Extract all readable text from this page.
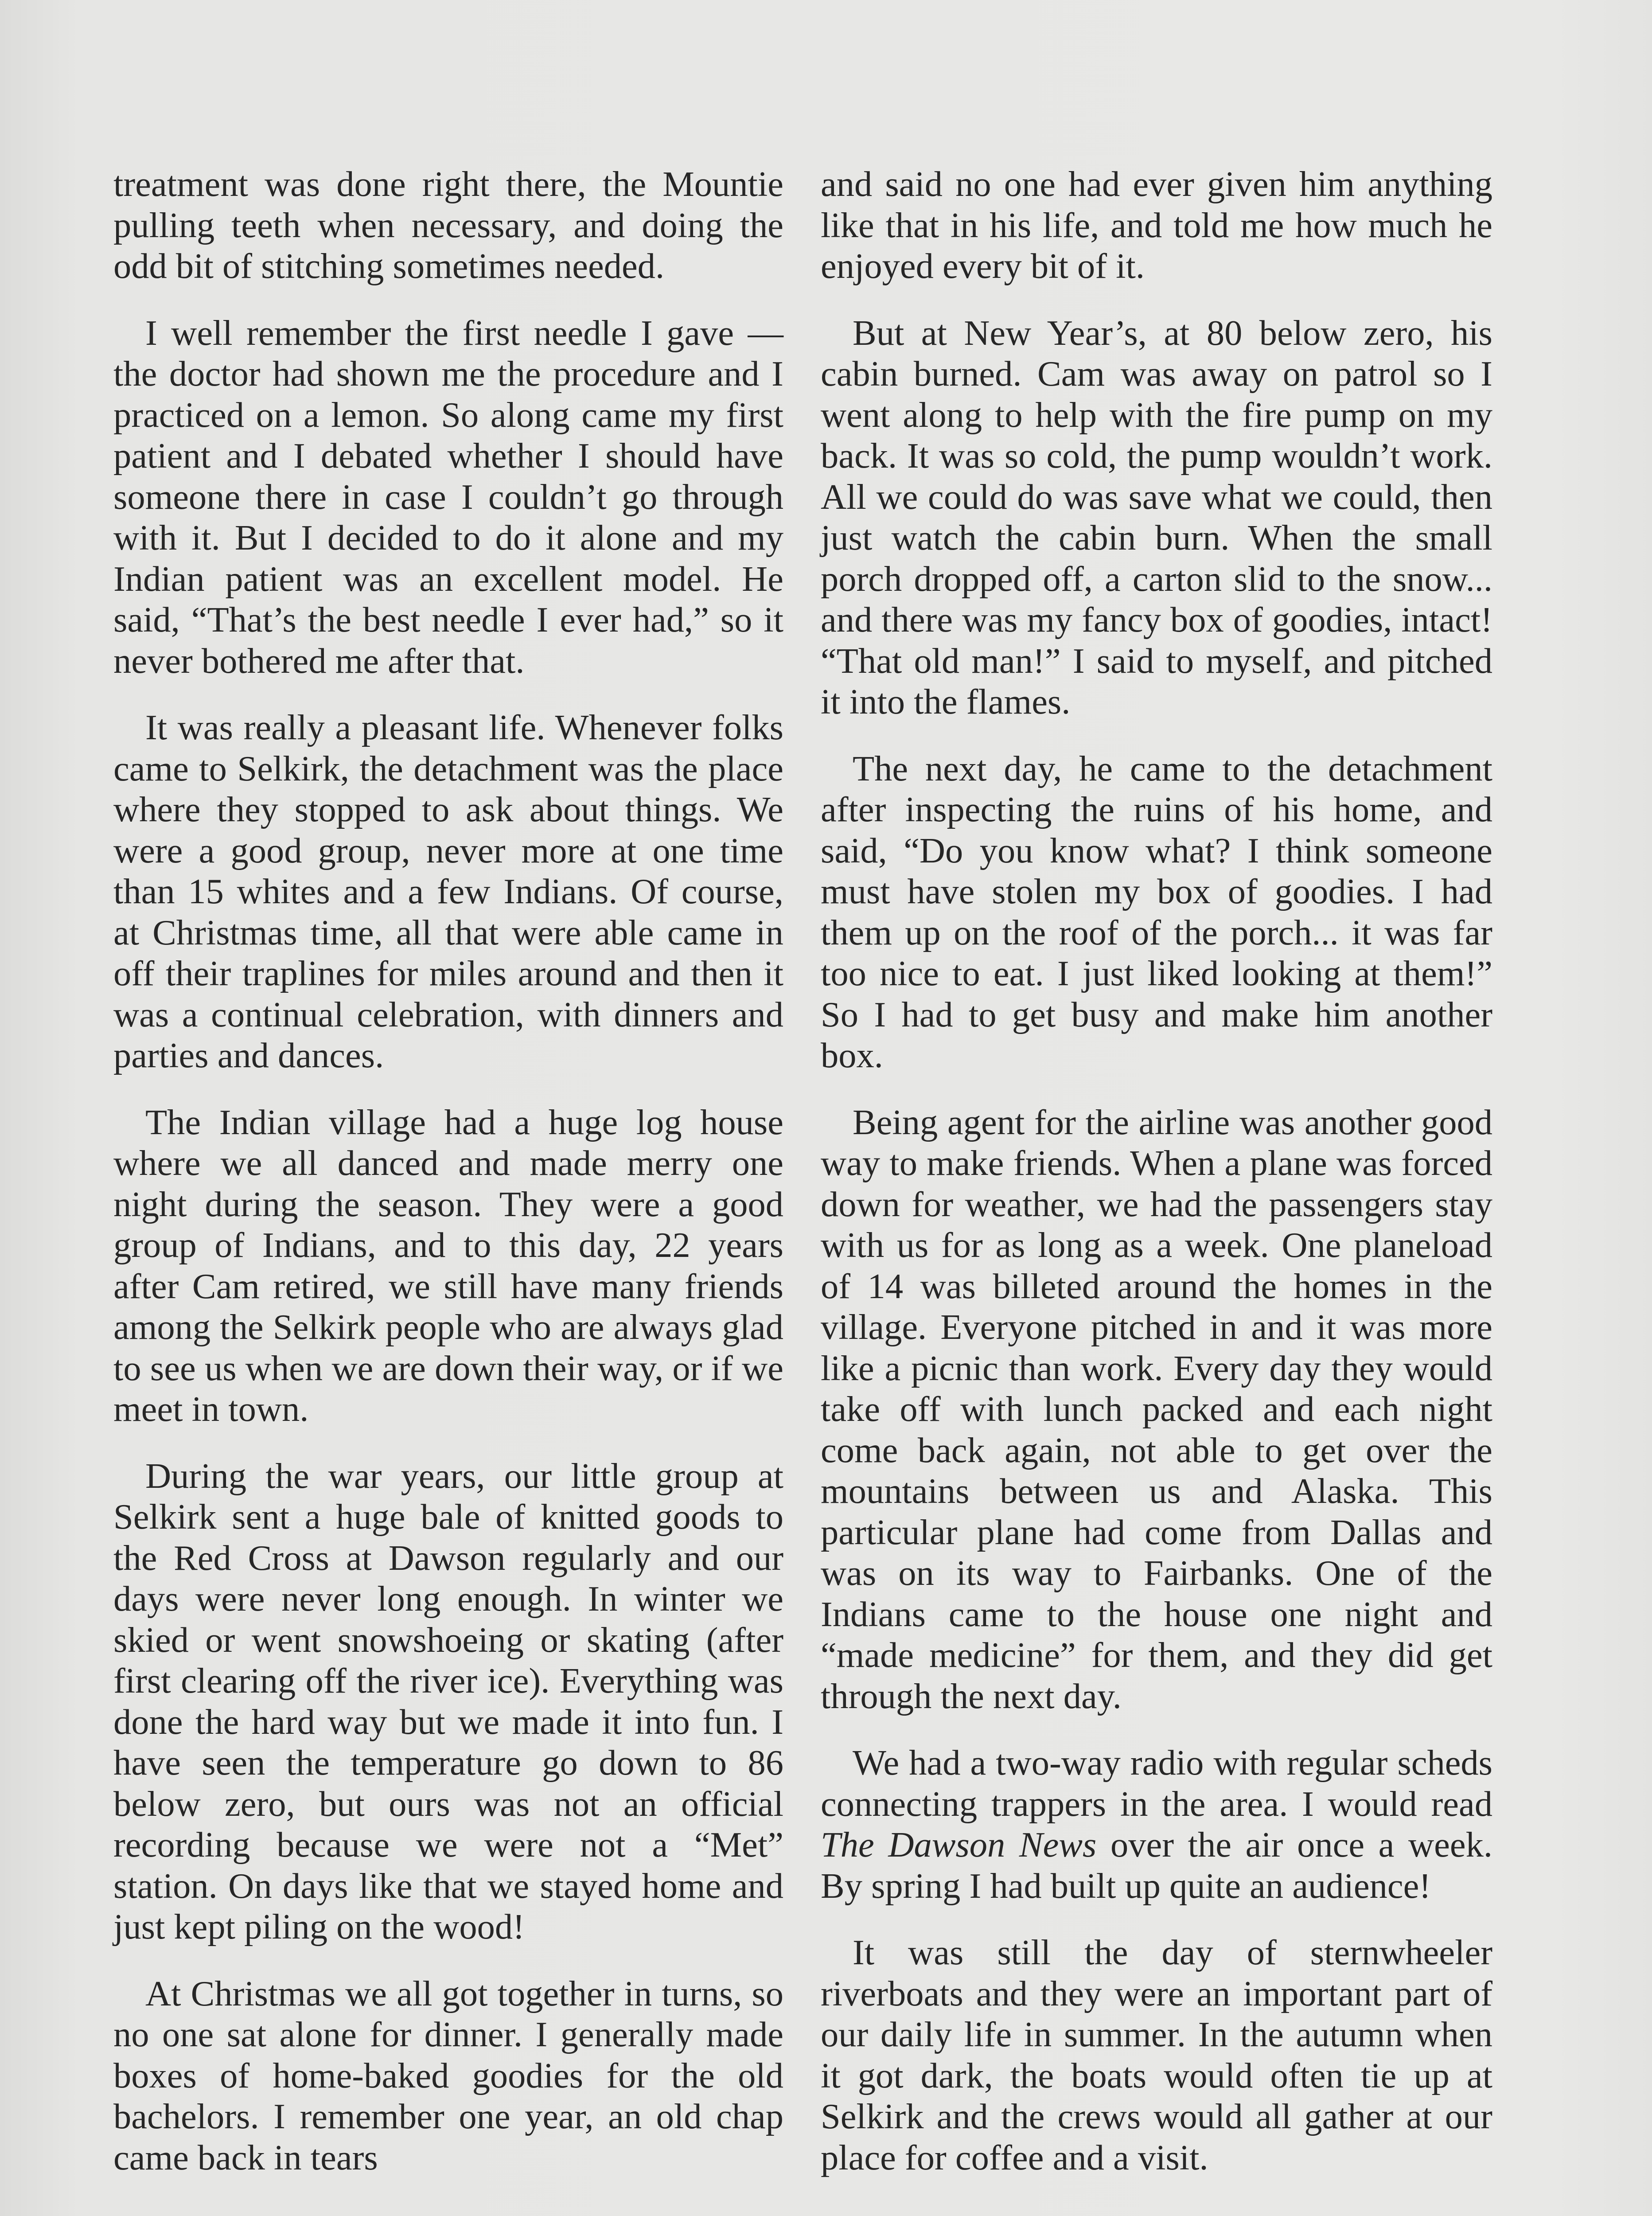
treatment was done right there, the Mountie pulling teeth when necessary, and doing the odd bit of stitching sometimes needed.

I well remember the first needle I gave — the doctor had shown me the procedure and I practiced on a lemon. So along came my first patient and I debated whether I should have someone there in case I couldn’t go through with it. But I decided to do it alone and my Indian patient was an excellent model. He said, “That’s the best needle I ever had,” so it never bothered me after that.

It was really a pleasant life. Whenever folks came to Selkirk, the detachment was the place where they stopped to ask about things. We were a good group, never more at one time than 15 whites and a few Indians. Of course, at Christmas time, all that were able came in off their traplines for miles around and then it was a continual celebration, with dinners and parties and dances.

The Indian village had a huge log house where we all danced and made merry one night during the season. They were a good group of Indians, and to this day, 22 years after Cam retired, we still have many friends among the Selkirk people who are always glad to see us when we are down their way, or if we meet in town.

During the war years, our little group at Selkirk sent a huge bale of knitted goods to the Red Cross at Dawson regularly and our days were never long enough. In winter we skied or went snowshoeing or skating (after first clearing off the river ice). Everything was done the hard way but we made it into fun. I have seen the temperature go down to 86 below zero, but ours was not an official recording because we were not a “Met” station. On days like that we stayed home and just kept piling on the wood!

At Christmas we all got together in turns, so no one sat alone for dinner. I generally made boxes of home-baked goodies for the old bachelors. I remember one year, an old chap came back in tears

and said no one had ever given him anything like that in his life, and told me how much he enjoyed every bit of it.

But at New Year’s, at 80 below zero, his cabin burned. Cam was away on patrol so I went along to help with the fire pump on my back. It was so cold, the pump wouldn’t work. All we could do was save what we could, then just watch the cabin burn. When the small porch dropped off, a carton slid to the snow... and there was my fancy box of goodies, intact! “That old man!” I said to myself, and pitched it into the flames.

The next day, he came to the detachment after inspecting the ruins of his home, and said, “Do you know what? I think someone must have stolen my box of goodies. I had them up on the roof of the porch... it was far too nice to eat. I just liked looking at them!” So I had to get busy and make him another box.

Being agent for the airline was another good way to make friends. When a plane was forced down for weather, we had the passengers stay with us for as long as a week. One planeload of 14 was billeted around the homes in the village. Everyone pitched in and it was more like a picnic than work. Every day they would take off with lunch packed and each night come back again, not able to get over the mountains between us and Alaska. This particular plane had come from Dallas and was on its way to Fairbanks. One of the Indians came to the house one night and “made medicine” for them, and they did get through the next day.

We had a two-way radio with regular scheds connecting trappers in the area. I would read The Dawson News over the air once a week. By spring I had built up quite an audience!

It was still the day of sternwheeler riverboats and they were an important part of our daily life in summer. In the autumn when it got dark, the boats would often tie up at Selkirk and the crews would all gather at our place for coffee and a visit.
